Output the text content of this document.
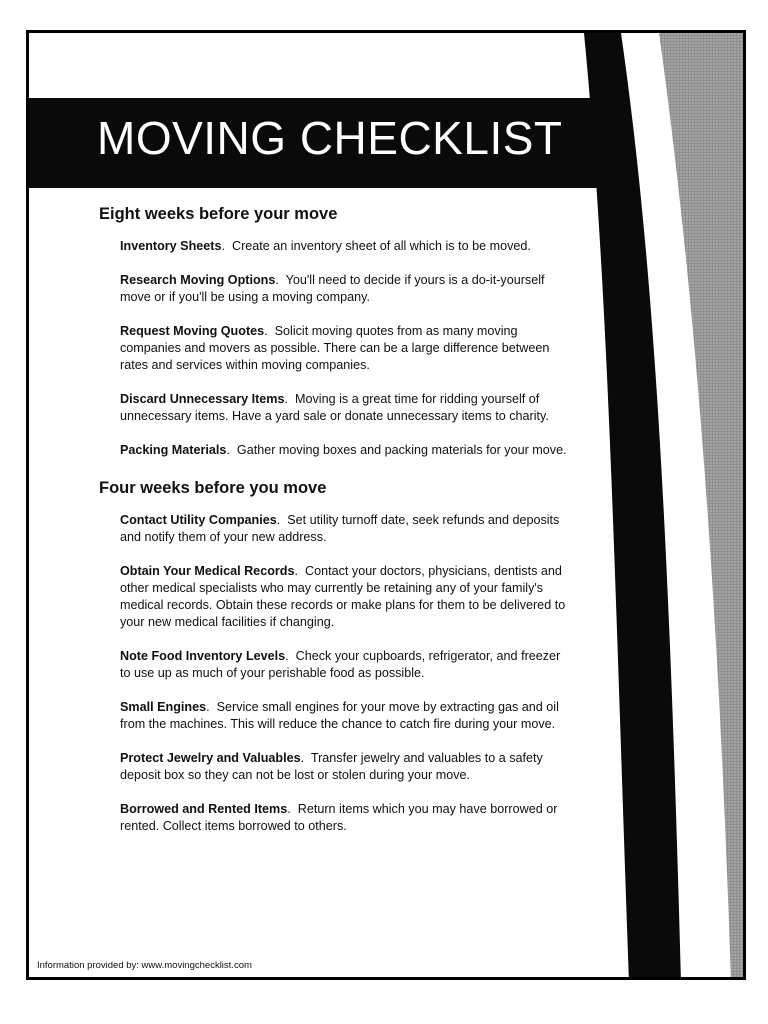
MOVING CHECKLIST
Eight weeks before your move
Inventory Sheets.  Create an inventory sheet of all which is to be moved.
Research Moving Options.  You'll need to decide if yours is a do-it-yourself move or if you'll be using a moving company.
Request Moving Quotes.  Solicit moving quotes from as many moving companies and movers as possible. There can be a large difference between rates and services within moving companies.
Discard Unnecessary Items.  Moving is a great time for ridding yourself of unnecessary items. Have a yard sale or donate unnecessary items to charity.
Packing Materials.  Gather moving boxes and packing materials for your move.
Four weeks before you move
Contact Utility Companies.  Set utility turnoff date, seek refunds and deposits and notify them of your new address.
Obtain Your Medical Records.  Contact your doctors, physicians, dentists and other medical specialists who may currently be retaining any of your family's medical records. Obtain these records or make plans for them to be delivered to your new medical facilities if changing.
Note Food Inventory Levels.  Check your cupboards, refrigerator, and freezer to use up as much of your perishable food as possible.
Small Engines.  Service small engines for your move by extracting gas and oil from the machines. This will reduce the chance to catch fire during your move.
Protect Jewelry and Valuables.  Transfer jewelry and valuables to a safety deposit box so they can not be lost or stolen during your move.
Borrowed and Rented Items.  Return items which you may have borrowed or rented. Collect items borrowed to others.
Information provided by: www.movingchecklist.com
